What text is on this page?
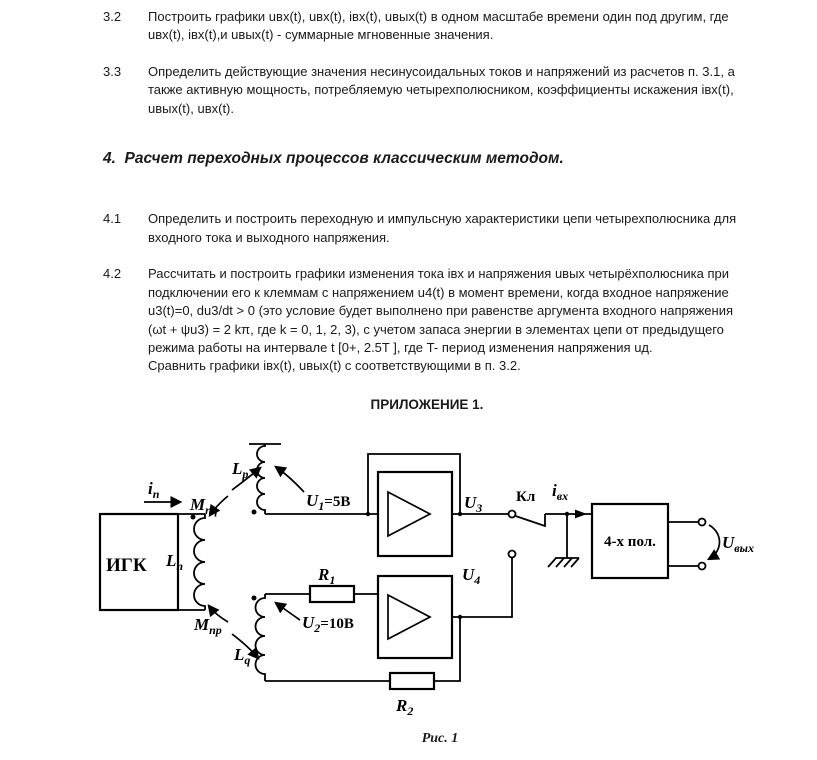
3.2	Построить графики uвх(t), uвх(t), iвх(t), uвых(t) в одном масштабе времени один под другим, где uвх(t), iвх(t),и uвых(t) - суммарные мгновенные значения.
3.3	Определить действующие значения несинусоидальных токов и напряжений из расчетов п. 3.1, а также активную мощность, потребляемую четырехполюсником, коэффициенты искажения iвх(t), uвых(t), uвх(t).
4.  Расчет переходных процессов классическим методом.
4.1	Определить и построить переходную и импульсную характеристики цепи четырехполюсника для входного тока и выходного напряжения.
4.2	Рассчитать и построить графики изменения тока iвх и напряжения uвых четырёхполюсника при подключении его к клеммам с напряжением u4(t) в момент времени, когда входное напряжение u3(t)=0, du3/dt > 0 (это условие будет выполнено при равенстве аргумента входного напряжения (ωt + ψu3) = 2 kπ, где k = 0, 1, 2, 3), с учетом запаса энергии в элементах цепи от предыдущего режима работы на интервале t [0+, 2.5T ], где T- период изменения напряжения uд.
Сравнить графики iвх(t), uвых(t) с соответствующими в п. 3.2.
ПРИЛОЖЕНИЕ 1.
ИГК $L_п$
$i_п$
$M_{пq}$
$M_{пр}$
$L_p$
$U_1=5В$	$U_3$
Кл $i_{вх}$
4-х пол.	$U_{вых}$
$L_q$
$U_2=10В$
$R_1$
$R_2$
$U_4$
Рис. 1
